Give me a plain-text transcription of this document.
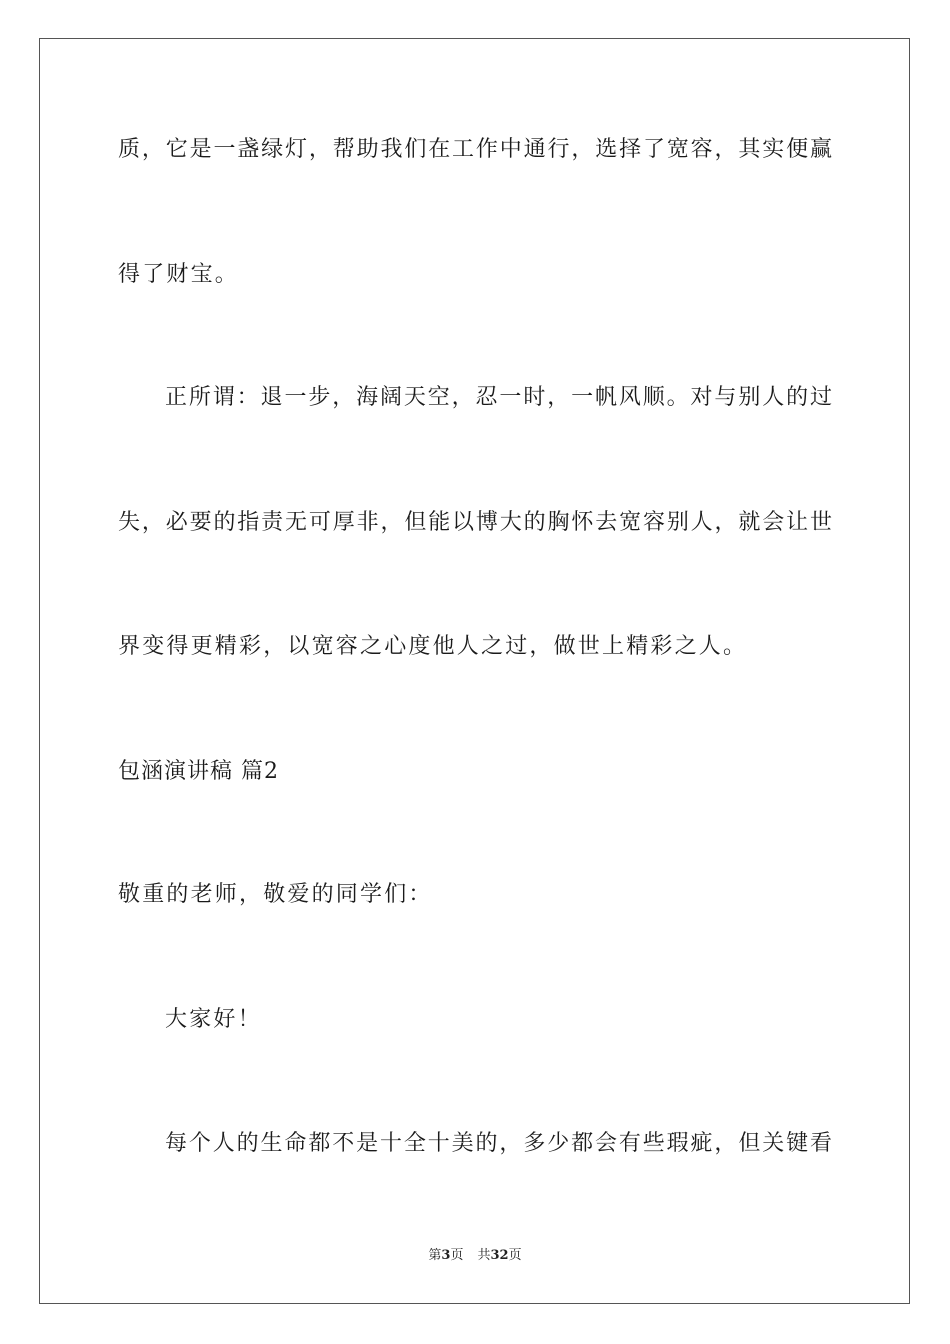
质，它是一盏绿灯，帮助我们在工作中通行，选择了宽容，其实便赢
得了财宝。
正所谓：退一步，海阔天空，忍一时，一帆风顺。对与别人的过
失，必要的指责无可厚非，但能以博大的胸怀去宽容别人，就会让世
界变得更精彩，以宽容之心度他人之过，做世上精彩之人。
包涵演讲稿 篇2
敬重的老师，敬爱的同学们：
大家好！
每个人的生命都不是十全十美的，多少都会有些瑕疵，但关键看
第3页 共32页
